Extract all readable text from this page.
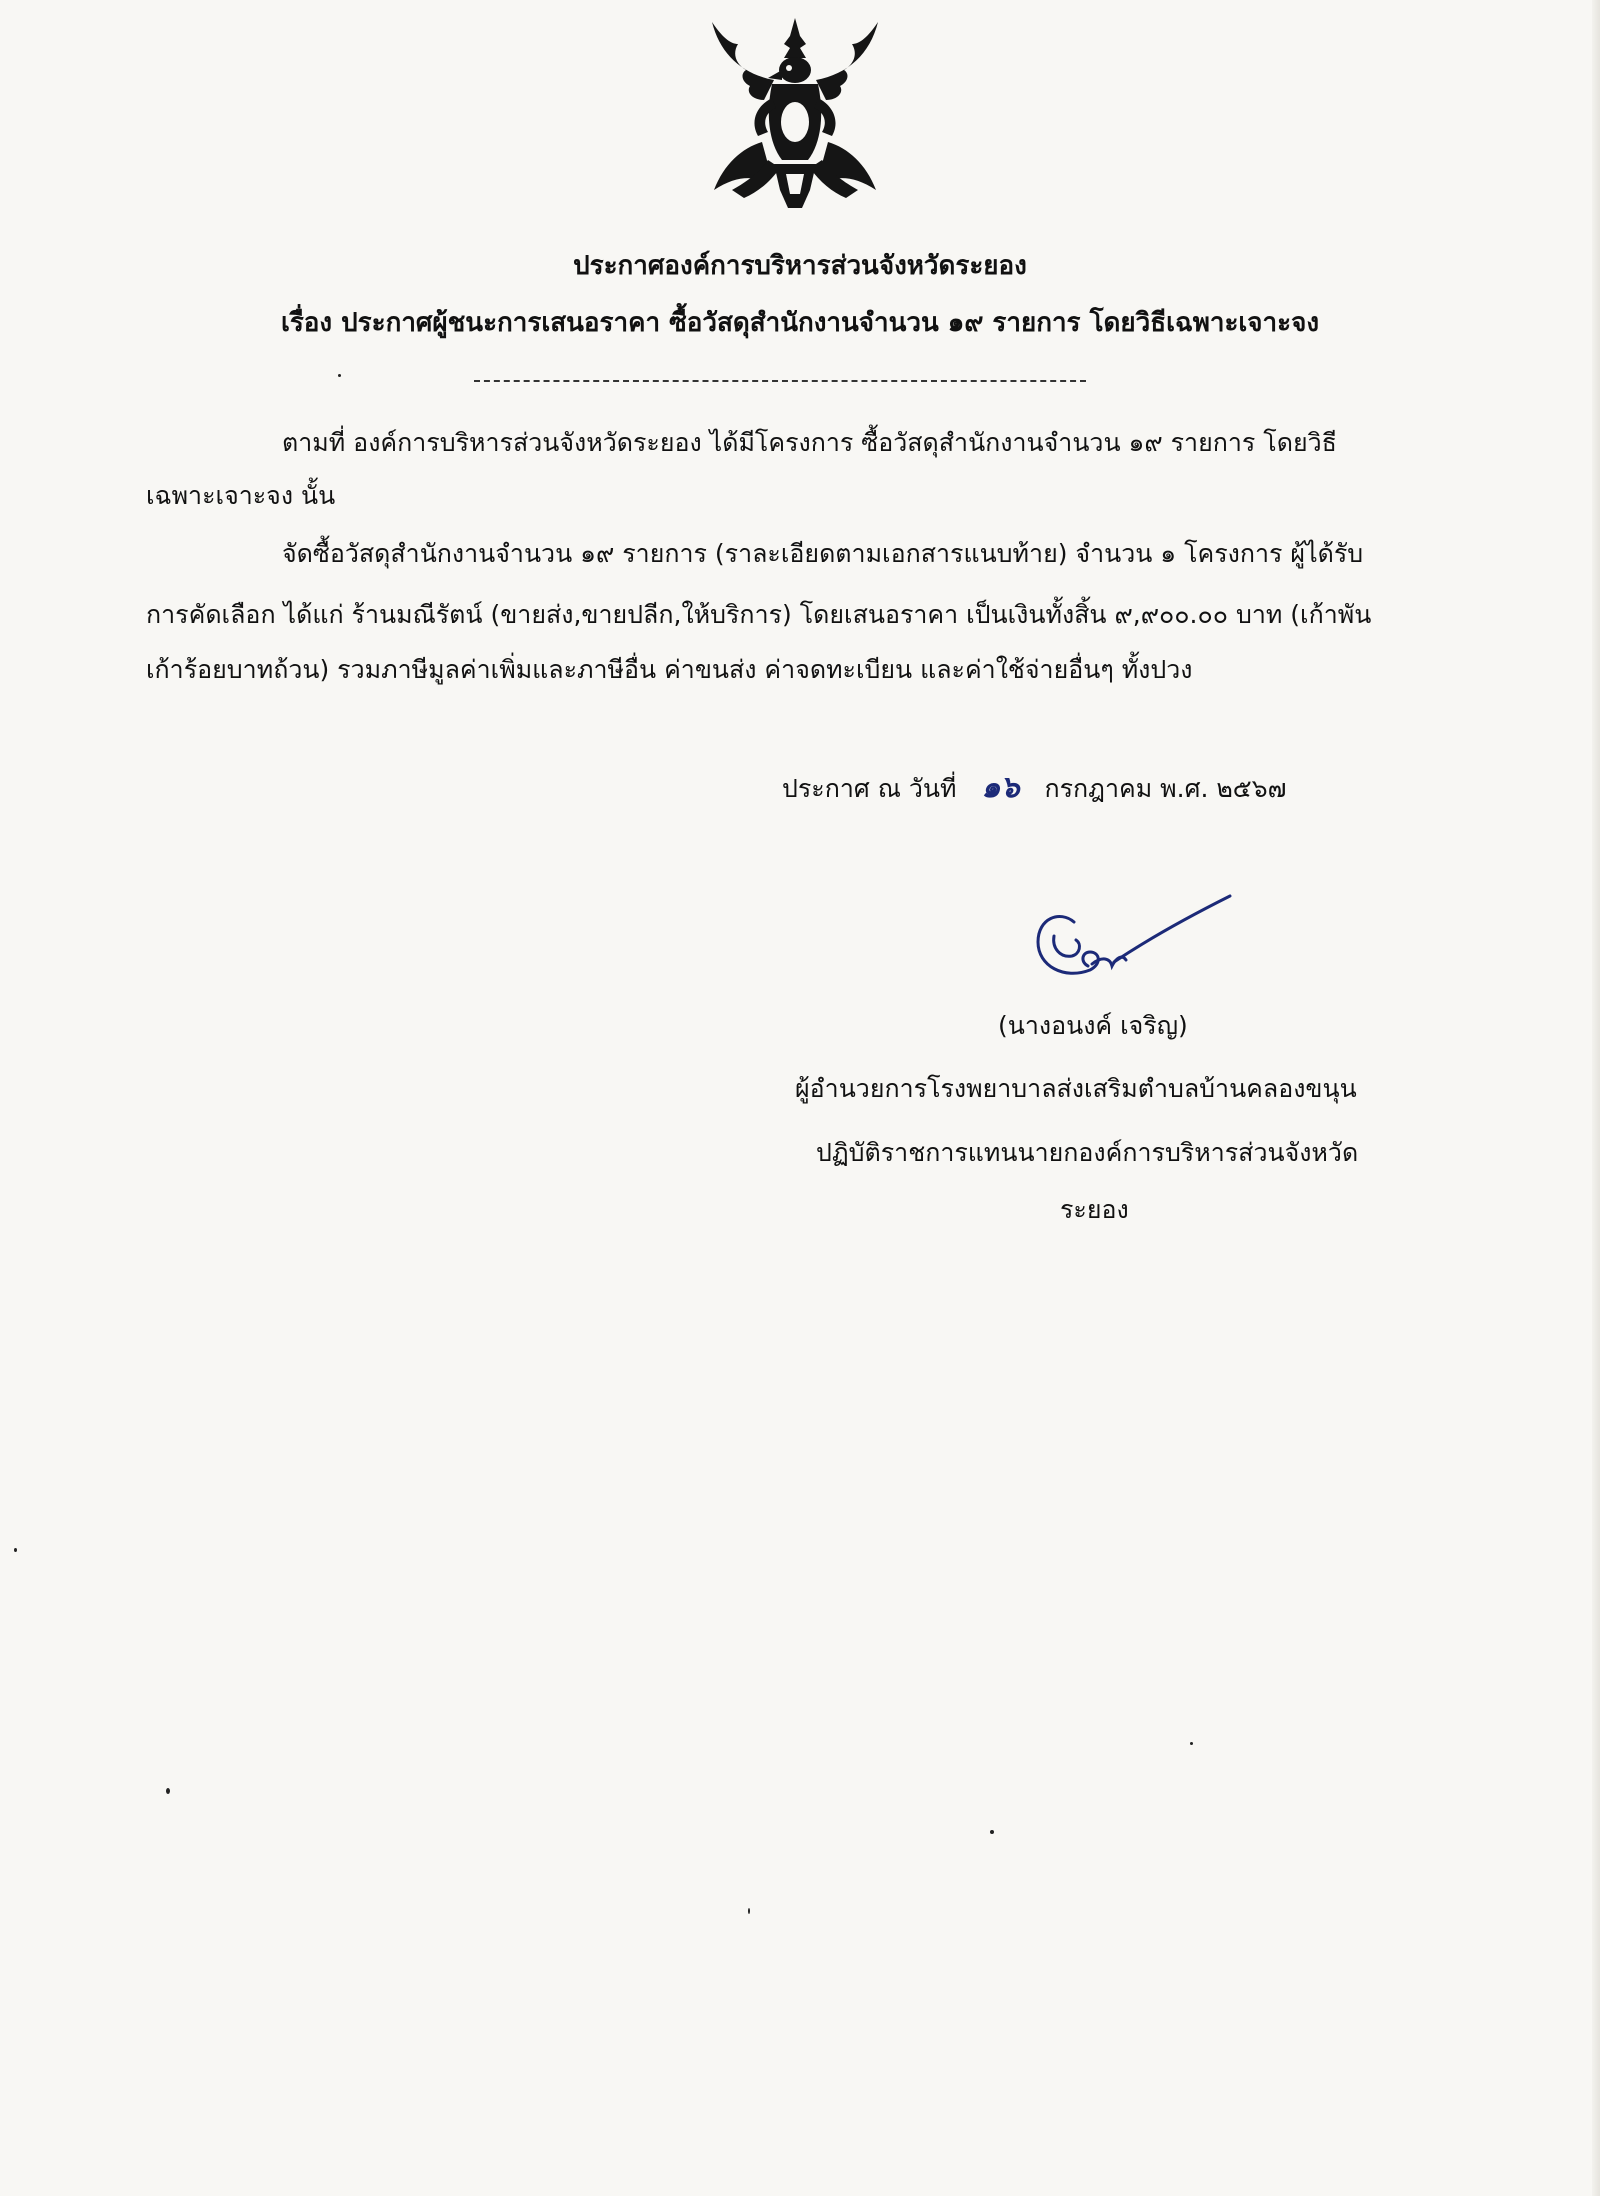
ประกาศองค์การบริหารส่วนจังหวัดระยอง
เรื่อง ประกาศผู้ชนะการเสนอราคา ซื้อวัสดุสำนักงานจำนวน ๑๙ รายการ โดยวิธีเฉพาะเจาะจง
ตามที่ องค์การบริหารส่วนจังหวัดระยอง ได้มีโครงการ ซื้อวัสดุสำนักงานจำนวน ๑๙ รายการ โดยวิธี
เฉพาะเจาะจง นั้น
จัดซื้อวัสดุสำนักงานจำนวน ๑๙ รายการ (ราละเอียดตามเอกสารแนบท้าย) จำนวน ๑ โครงการ ผู้ได้รับ
การคัดเลือก ได้แก่ ร้านมณีรัตน์ (ขายส่ง,ขายปลีก,ให้บริการ) โดยเสนอราคา เป็นเงินทั้งสิ้น ๙,๙๐๐.๐๐ บาท (เก้าพัน
เก้าร้อยบาทถ้วน) รวมภาษีมูลค่าเพิ่มและภาษีอื่น ค่าขนส่ง ค่าจดทะเบียน และค่าใช้จ่ายอื่นๆ ทั้งปวง
ประกาศ ณ วันที่ ๑๖ กรกฎาคม พ.ศ. ๒๕๖๗
(นางอนงค์ เจริญ)
ผู้อำนวยการโรงพยาบาลส่งเสริมตำบลบ้านคลองขนุน
ปฏิบัติราชการแทนนายกองค์การบริหารส่วนจังหวัด
ระยอง
